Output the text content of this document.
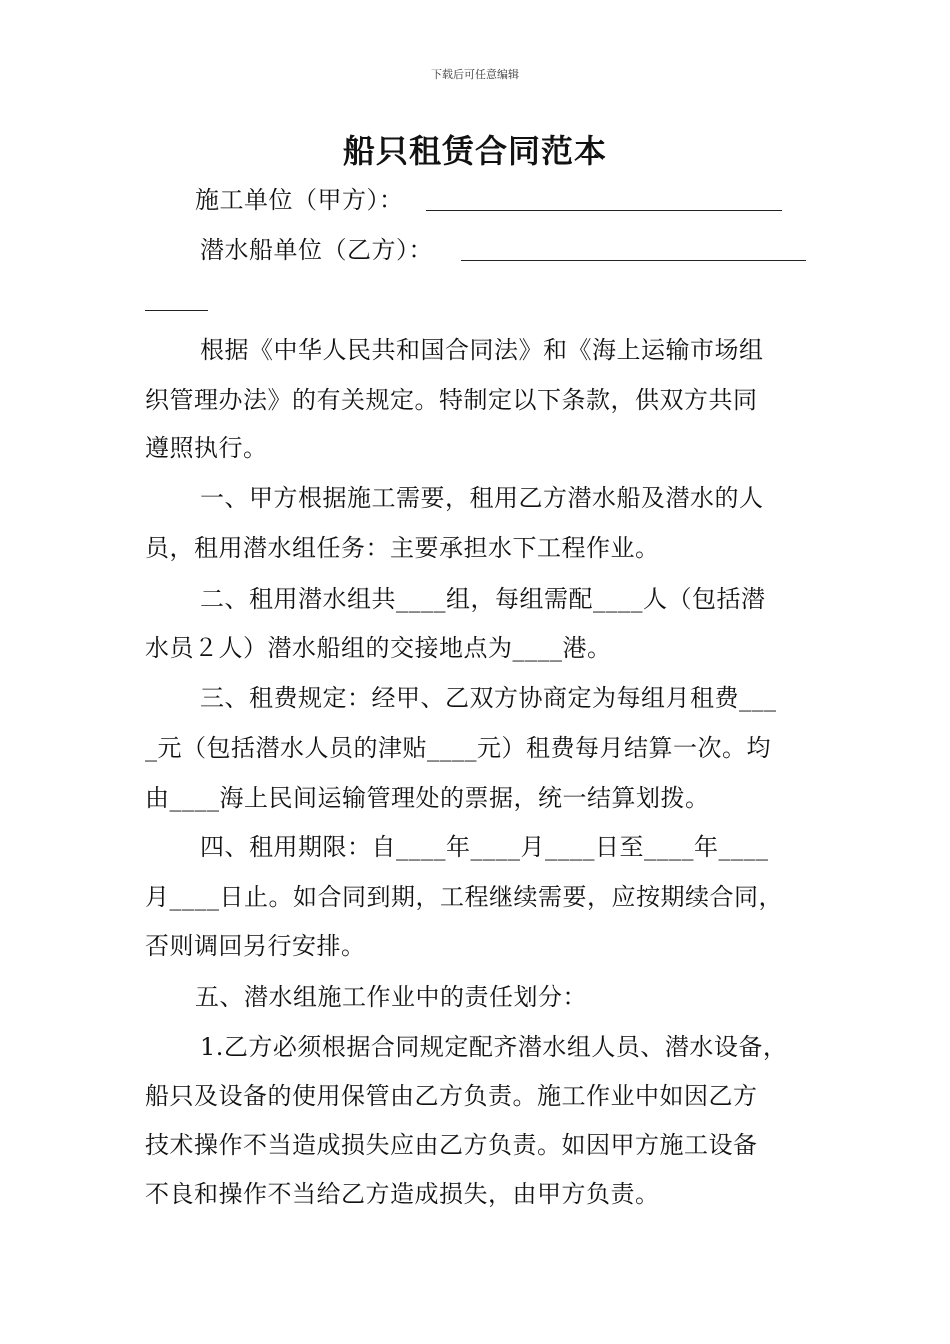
下载后可任意编辑
船只租赁合同范本
施工单位（甲方）：
潜水船单位（乙方）：
根据《中华人民共和国合同法》和《海上运输市场组
织管理办法》的有关规定。特制定以下条款，供双方共同
遵照执行。
一、甲方根据施工需要，租用乙方潜水船及潜水的人
员，租用潜水组任务：主要承担水下工程作业。
二、租用潜水组共____组，每组需配____人（包括潜
水员２人）潜水船组的交接地点为____港。
三、租费规定：经甲、乙双方协商定为每组月租费___
_元（包括潜水人员的津贴____元）租费每月结算一次。均
由____海上民间运输管理处的票据，统一结算划拨。
四、租用期限：自____年____月____日至____年____
月____日止。如合同到期，工程继续需要，应按期续合同，
否则调回另行安排。
五、潜水组施工作业中的责任划分：
1.乙方必须根据合同规定配齐潜水组人员、潜水设备，
船只及设备的使用保管由乙方负责。施工作业中如因乙方
技术操作不当造成损失应由乙方负责。如因甲方施工设备
不良和操作不当给乙方造成损失，由甲方负责。
